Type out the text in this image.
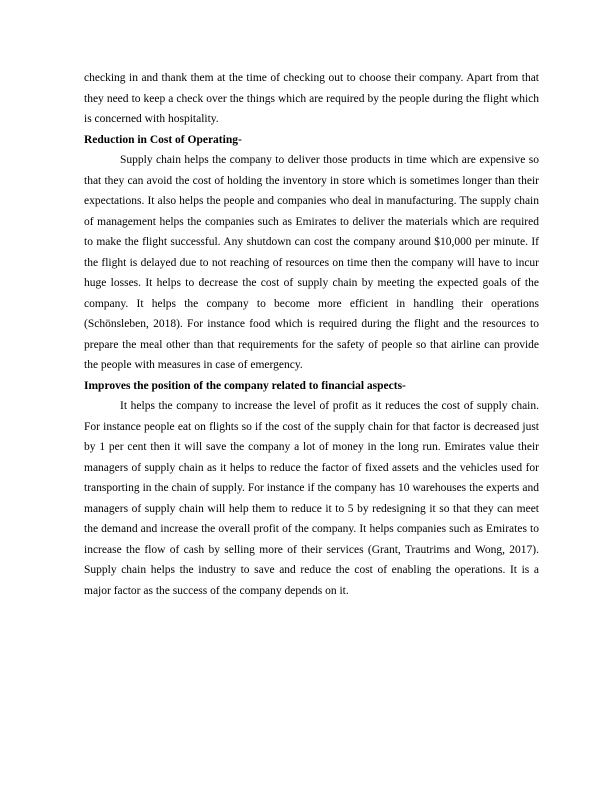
checking in and thank them at the time of checking out to choose their company. Apart from that they need to keep a check over the things which are required by the people during the flight which is concerned with hospitality.

Reduction in Cost of Operating-

Supply chain helps the company to deliver those products in time which are expensive so that they can avoid the cost of holding the inventory in store which is sometimes longer than their expectations. It also helps the people and companies who deal in manufacturing. The supply chain of management helps the companies such as Emirates to deliver the materials which are required to make the flight successful. Any shutdown can cost the company around $10,000 per minute. If the flight is delayed due to not reaching of resources on time then the company will have to incur huge losses. It helps to decrease the cost of supply chain by meeting the expected goals of the company. It helps the company to become more efficient in handling their operations (Schönsleben, 2018). For instance food which is required during the flight and the resources to prepare the meal other than that requirements for the safety of people so that airline can provide the people with measures in case of emergency.

Improves the position of the company related to financial aspects-

It helps the company to increase the level of profit as it reduces the cost of supply chain. For instance people eat on flights so if the cost of the supply chain for that factor is decreased just by 1 per cent then it will save the company a lot of money in the long run. Emirates value their managers of supply chain as it helps to reduce the factor of fixed assets and the vehicles used for transporting in the chain of supply. For instance if the company has 10 warehouses the experts and managers of supply chain will help them to reduce it to 5 by redesigning it so that they can meet the demand and increase the overall profit of the company. It helps companies such as Emirates to increase the flow of cash by selling more of their services (Grant, Trautrims and Wong, 2017). Supply chain helps the industry to save and reduce the cost of enabling the operations. It is a major factor as the success of the company depends on it.
